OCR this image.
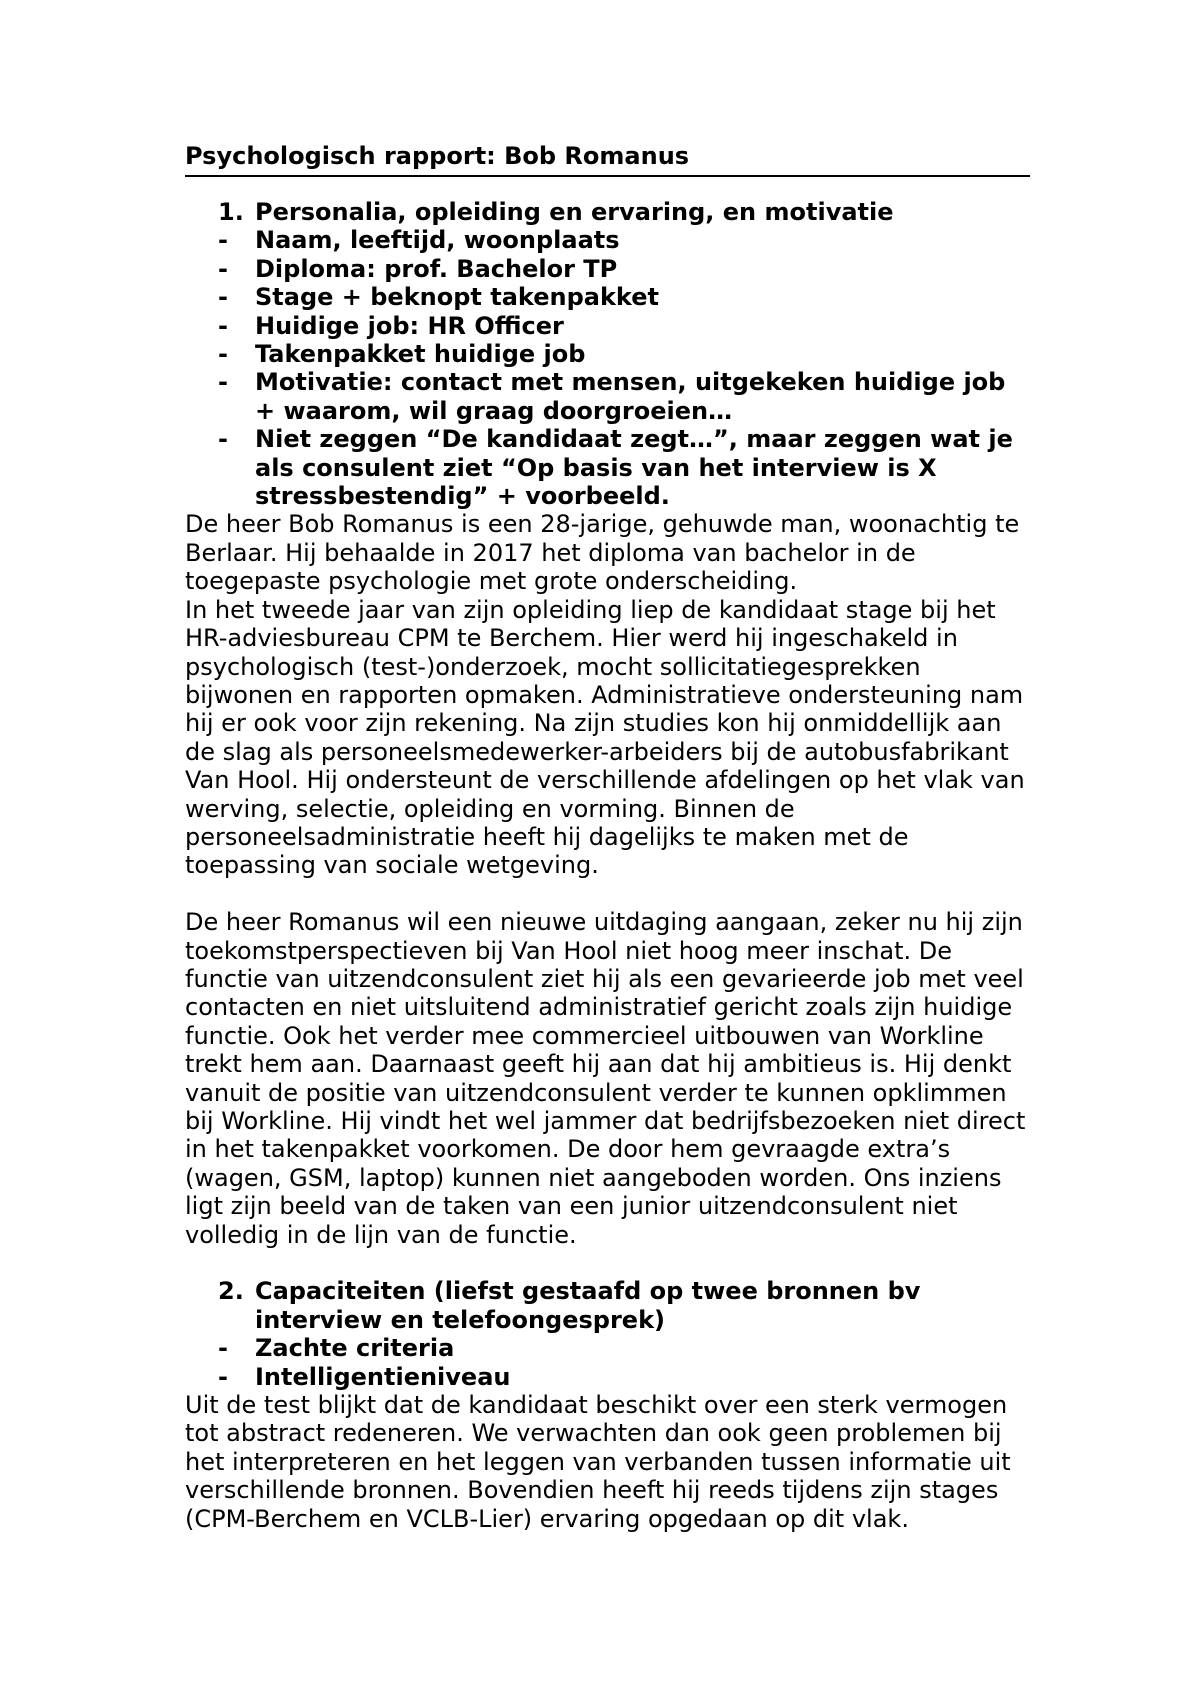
Psychologisch rapport: Bob Romanus

1. Personalia, opleiding en ervaring, en motivatie
- Naam, leeftijd, woonplaats
- Diploma: prof. Bachelor TP
- Stage + beknopt takenpakket
- Huidige job: HR Officer
- Takenpakket huidige job
- Motivatie: contact met mensen, uitgekeken huidige job + waarom, wil graag doorgroeien…
- Niet zeggen “De kandidaat zegt…”, maar zeggen wat je als consulent ziet “Op basis van het interview is X stressbestendig” + voorbeeld.

De heer Bob Romanus is een 28-jarige, gehuwde man, woonachtig te Berlaar. Hij behaalde in 2017 het diploma van bachelor in de toegepaste psychologie met grote onderscheiding.

In het tweede jaar van zijn opleiding liep de kandidaat stage bij het HR-adviesbureau CPM te Berchem. Hier werd hij ingeschakeld in psychologisch (test-)onderzoek, mocht sollicitatiegesprekken bijwonen en rapporten opmaken. Administratieve ondersteuning nam hij er ook voor zijn rekening. Na zijn studies kon hij onmiddellijk aan de slag als personeelsmedewerker-arbeiders bij de autobusfabrikant Van Hool. Hij ondersteunt de verschillende afdelingen op het vlak van werving, selectie, opleiding en vorming. Binnen de personeelsadministratie heeft hij dagelijks te maken met de toepassing van sociale wetgeving.

De heer Romanus wil een nieuwe uitdaging aangaan, zeker nu hij zijn toekomstperspectieven bij Van Hool niet hoog meer inschat. De functie van uitzendconsulent ziet hij als een gevarieerde job met veel contacten en niet uitsluitend administratief gericht zoals zijn huidige functie. Ook het verder mee commercieel uitbouwen van Workline trekt hem aan. Daarnaast geeft hij aan dat hij ambitieus is. Hij denkt vanuit de positie van uitzendconsulent verder te kunnen opklimmen bij Workline. Hij vindt het wel jammer dat bedrijfsbezoeken niet direct in het takenpakket voorkomen. De door hem gevraagde extra’s (wagen, GSM, laptop) kunnen niet aangeboden worden. Ons inziens ligt zijn beeld van de taken van een junior uitzendconsulent niet volledig in de lijn van de functie.

2. Capaciteiten (liefst gestaafd op twee bronnen bv interview en telefoongesprek)
- Zachte criteria
- Intelligentieniveau

Uit de test blijkt dat de kandidaat beschikt over een sterk vermogen tot abstract redeneren. We verwachten dan ook geen problemen bij het interpreteren en het leggen van verbanden tussen informatie uit verschillende bronnen. Bovendien heeft hij reeds tijdens zijn stages (CPM-Berchem en VCLB-Lier) ervaring opgedaan op dit vlak.
